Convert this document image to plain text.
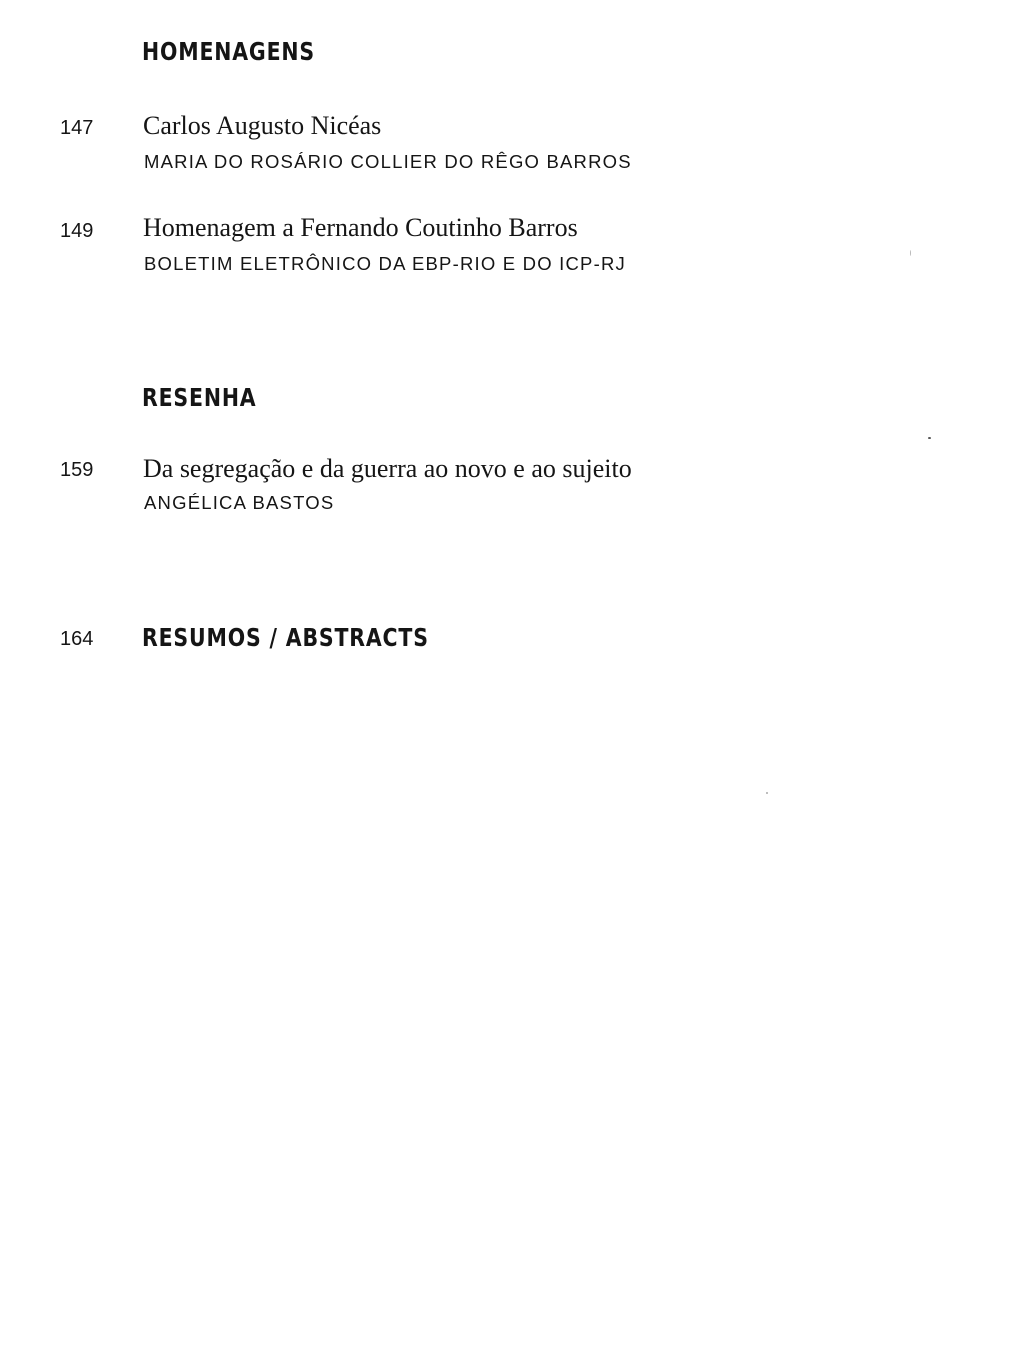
HOMENAGENS
147	Carlos Augusto Nicéas
MARIA DO ROSÁRIO COLLIER DO RÊGO BARROS
149	Homenagem a Fernando Coutinho Barros
BOLETIM ELETRÔNICO DA EBP-RIO E DO ICP-RJ
RESENHA
159	Da segregação e da guerra ao novo e ao sujeito
ANGÉLICA BASTOS
164	RESUMOS / ABSTRACTS
